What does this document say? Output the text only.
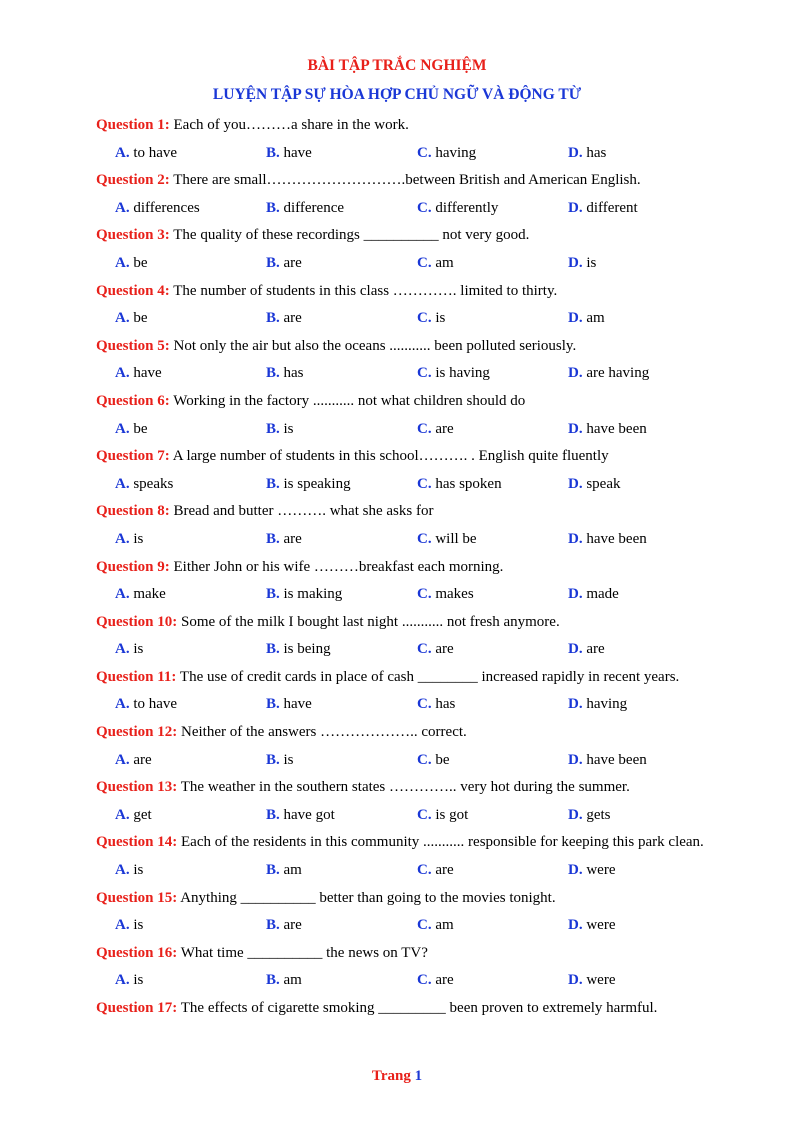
BÀI TẬP TRẮC NGHIỆM
LUYỆN TẬP SỰ HÒA HỢP CHỦ NGỮ VÀ ĐỘNG TỪ
Question 1: Each of you………a share in the work.
A. to have	B. have	C. having	D. has
Question 2: There are small……………………….between British and American English.
A. differences	B. difference	C. differently	D. different
Question 3: The quality of these recordings __________ not very good.
A. be	B. are	C. am	D. is
Question 4: The number of students in this class …………. limited to thirty.
A. be	B. are	C. is	D. am
Question 5: Not only the air but also the oceans ........... been polluted seriously.
A. have	B. has	C. is having	D. are having
Question 6: Working in the factory ........... not what children should do
A. be	B. is	C. are	D. have been
Question 7: A large number of students in this school………. . English quite fluently
A. speaks	B. is speaking	C. has spoken	D. speak
Question 8: Bread and butter ………. what she asks for
A. is	B. are	C. will be	D. have been
Question 9: Either John or his wife ………breakfast each morning.
A. make	B. is making	C. makes	D. made
Question 10: Some of the milk I bought last night ........... not fresh anymore.
A. is	B. is being	C. are	D. are
Question 11: The use of credit cards in place of cash ________ increased rapidly in recent years.
A. to have	B. have	C. has	D. having
Question 12: Neither of the answers ……………….. correct.
A. are	B. is	C. be	D. have been
Question 13: The weather in the southern states ………….. very hot during the summer.
A. get	B. have got	C. is got	D. gets
Question 14: Each of the residents in this community ........... responsible for keeping this park clean.
A. is	B. am	C. are	D. were
Question 15: Anything __________ better than going to the movies tonight.
A. is	B. are	C. am	D. were
Question 16: What time __________ the news on TV?
A. is	B. am	C. are	D. were
Question 17: The effects of cigarette smoking _________ been proven to extremely harmful.
Trang 1
